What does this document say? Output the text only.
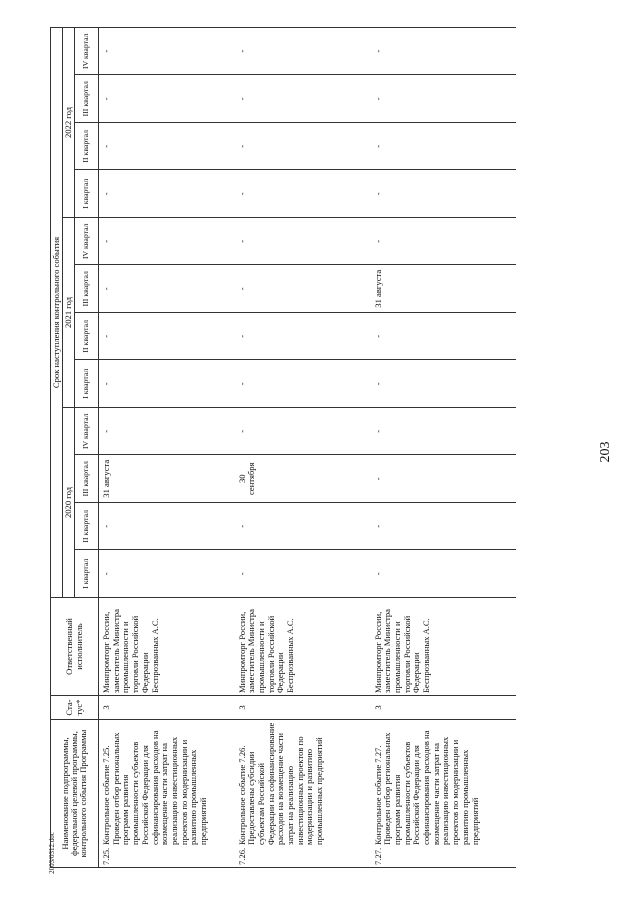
203
2003/0312.doc
Наименование подпрограммы, федеральной целевой программы, контрольного события Программы	Ста-тус*	Ответственный исполнитель	Срок наступления контрольного события											
			2020 год				2021 год				2022 год			
			I квартал	II квартал	III квартал	IV квартал	I квартал	II квартал	III квартал	IV квартал	I квартал	II квартал	III квартал	IV квартал

7.25.
Контрольное событие 7.25. Проведен отбор региональных программ развития промышленности субъектов Российской Федерации для софинансирования расходов на возмещение части затрат на реализацию инвестиционных проектов по модернизации и развитию промышленных предприятий	3	Минпромторг России, заместитель Министра промышленности и торговли Российской Федерации Беспрозванных А.С.	-	-	31 августа	-	-	-	-	-	-	-	-	-

7.26.
Контрольное событие 7.26. Предоставлены субсидии субъектам Российской Федерации на софинансирование расходов на возмещение части затрат на реализацию инвестиционных проектов по модернизации и развитию промышленных предприятий	3	Минпромторг России, заместитель Министра промышленности и торговли Российской Федерации Беспрозванных А.С.	-	-	30 сентября	-	-	-	-	-	-	-	-	-

7.27.
Контрольное событие 7.27. Проведен отбор региональных программ развития промышленности субъектов Российской Федерации для софинансирования расходов на возмещение части затрат на реализацию инвестиционных проектов по модернизации и развитию промышленных предприятий	3	Минпромторг России, заместитель Министра промышленности и торговли Российской Федерации Беспрозванных А.С.	-	-	-	-	-	-	31 августа	-	-	-	-	-
